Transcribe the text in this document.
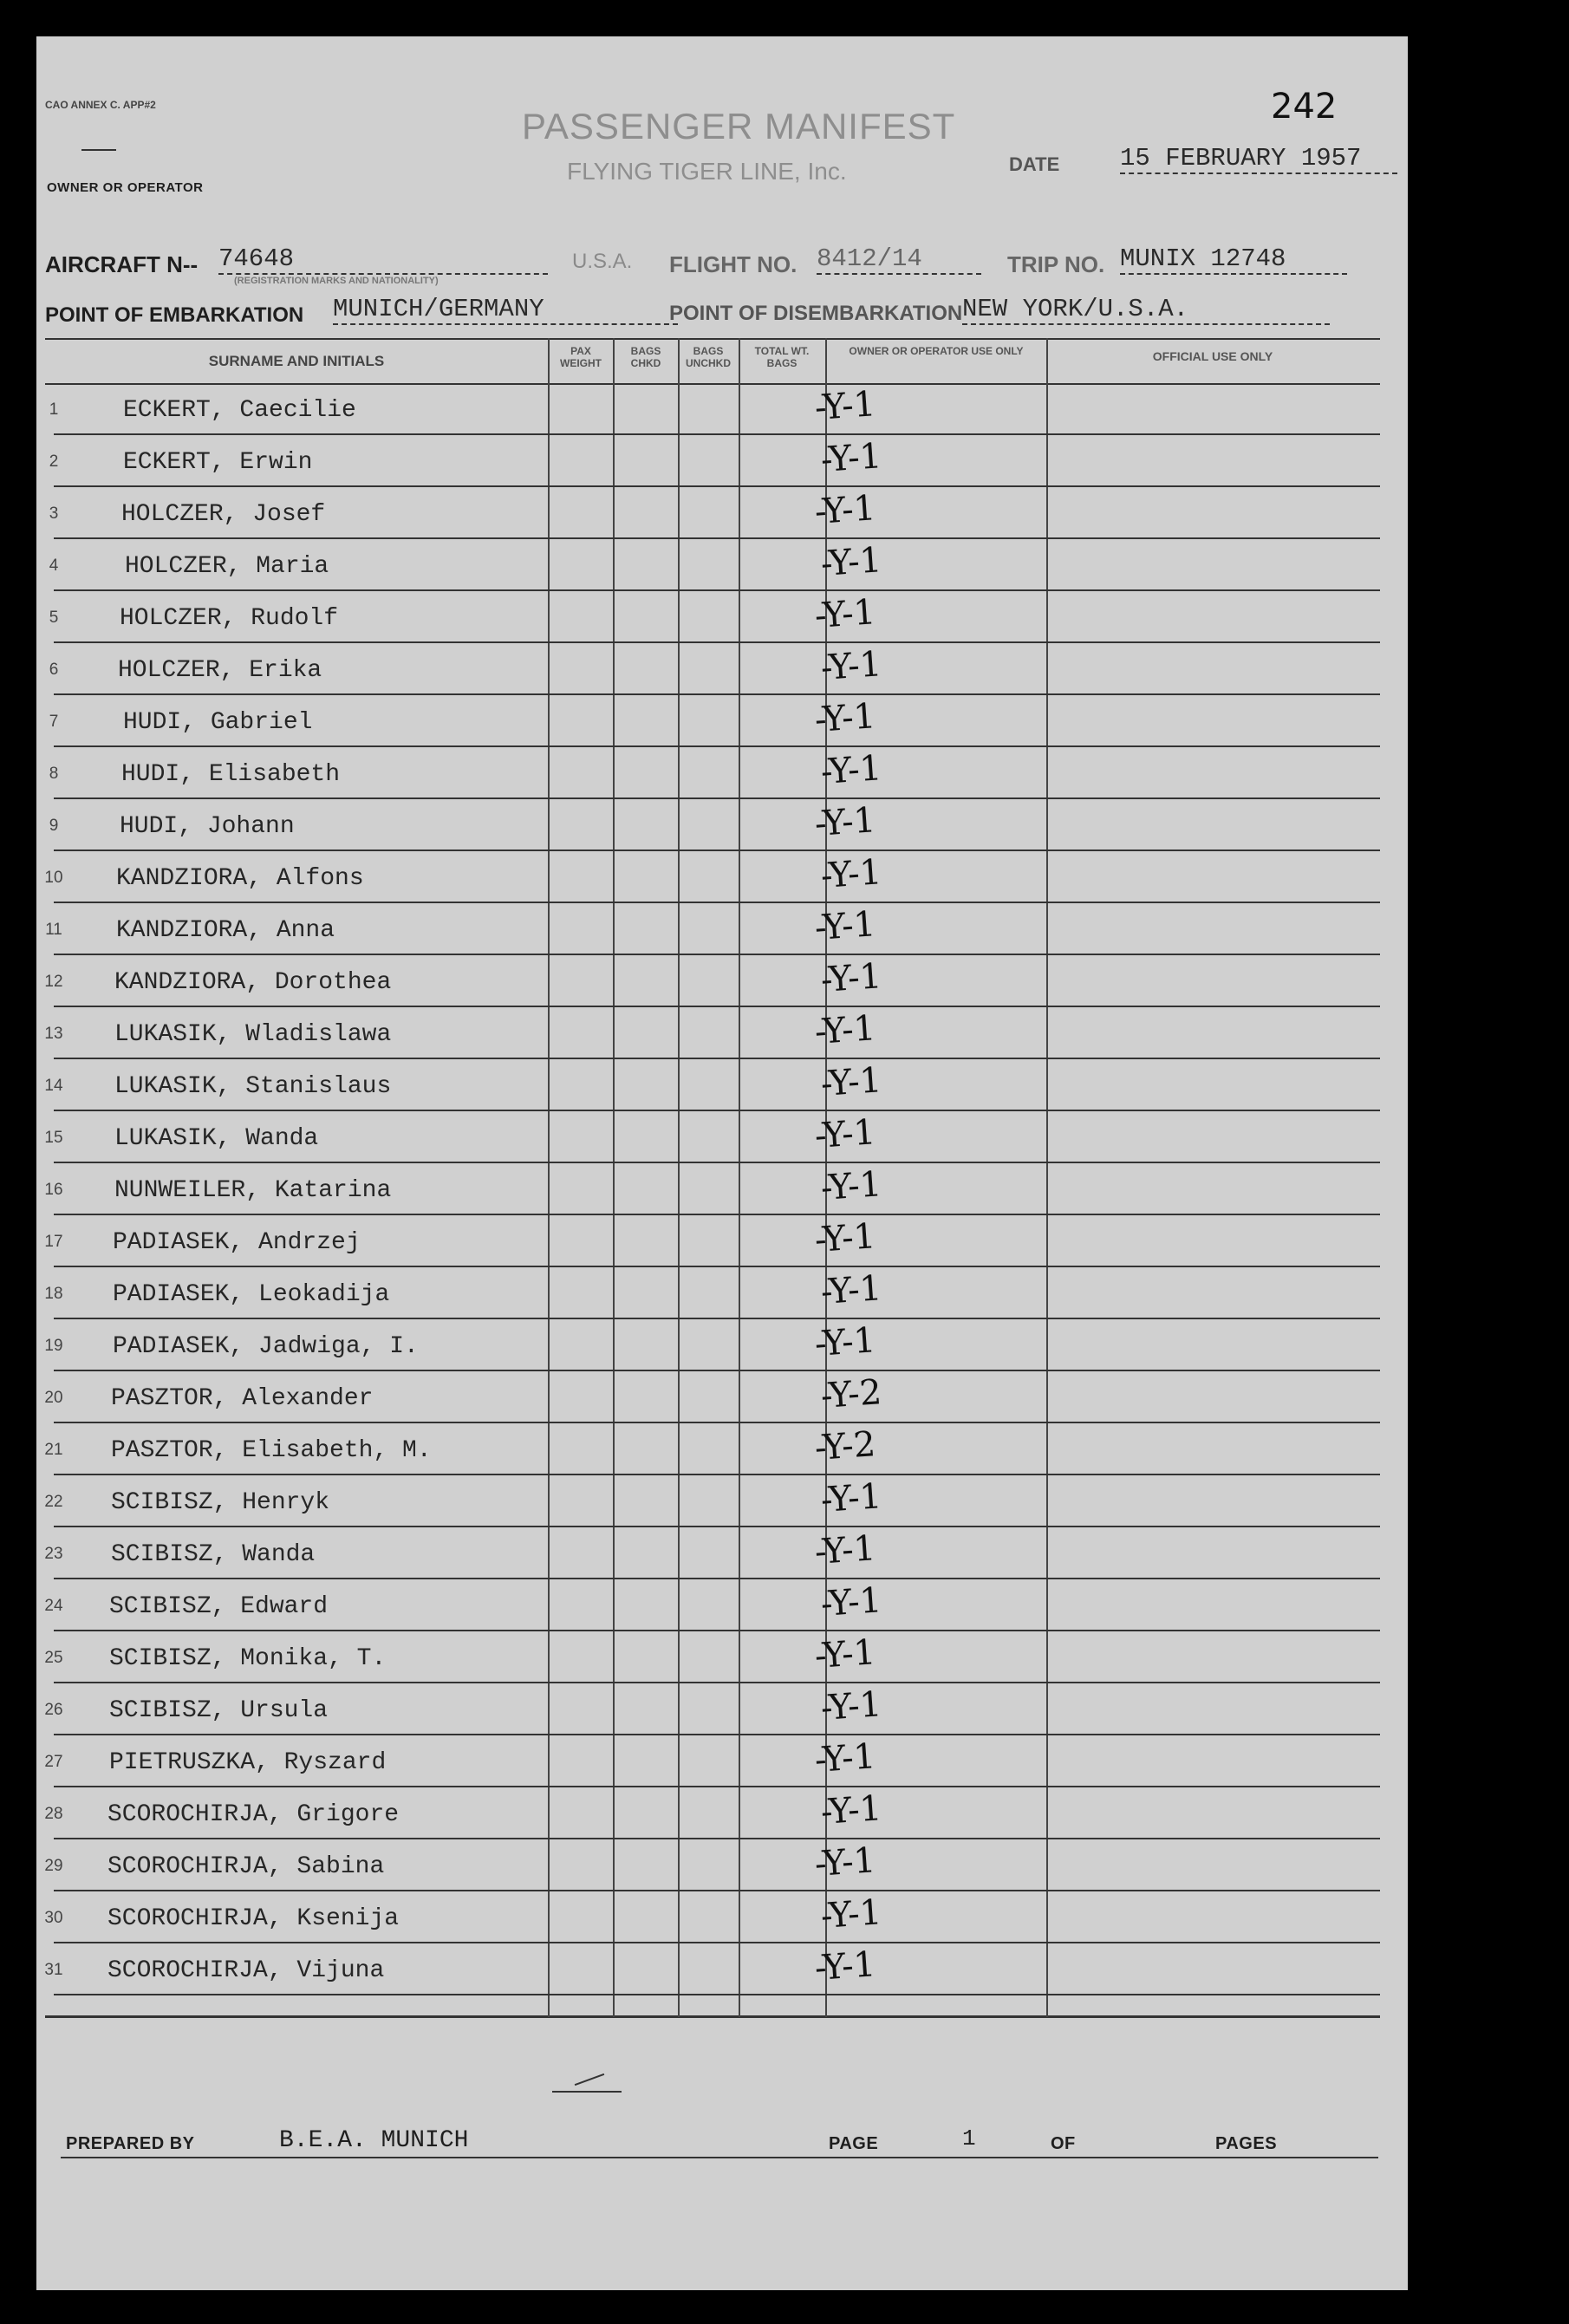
CAO ANNEX C. APP#2
OWNER OR OPERATOR
PASSENGER MANIFEST
FLYING TIGER LINE, Inc.
242
DATE 15 FEBRUARY 1957
AIRCRAFT N-- 74648
(REGISTRATION MARKS AND NATIONALITY)
U.S.A. FLIGHT NO. 8412/14	TRIP NO. MUNIX 12748
POINT OF EMBARKATION MUNICH/GERMANY	POINT OF DISEMBARKATION NEW YORK/U.S.A.
SURNAME AND INITIALS
PAX WEIGHT
BAGS CHKD
BAGS UNCHKD
TOTAL WT. BAGS
OWNER OR OPERATOR USE ONLY	OFFICIAL USE ONLY
1	ECKERT, Caecilie	-Y-1
2	ECKERT, Erwin	-Y-1
3	HOLCZER, Josef	-Y-1
4	HOLCZER, Maria	-Y-1
5	HOLCZER, Rudolf	-Y-1
6	HOLCZER, Erika	-Y-1
7	HUDI, Gabriel	-Y-1
8	HUDI, Elisabeth	-Y-1
9	HUDI, Johann	-Y-1
10	KANDZIORA, Alfons	-Y-1
11	KANDZIORA, Anna	-Y-1
12	KANDZIORA, Dorothea	-Y-1
13	LUKASIK, Wladislawa	-Y-1
14	LUKASIK, Stanislaus	-Y-1
15	LUKASIK, Wanda	-Y-1
16	NUNWEILER, Katarina	-Y-1
17	PADIASEK, Andrzej	-Y-1
18	PADIASEK, Leokadija	-Y-1
19	PADIASEK, Jadwiga, I.	-Y-1
20	PASZTOR, Alexander	-Y-2
21	PASZTOR, Elisabeth, M.	-Y-2
22	SCIBISZ, Henryk	-Y-1
23	SCIBISZ, Wanda	-Y-1
24	SCIBISZ, Edward	-Y-1
25	SCIBISZ, Monika, T.	-Y-1
26	SCIBISZ, Ursula	-Y-1
27	PIETRUSZKA, Ryszard	-Y-1
28	SCOROCHIRJA, Grigore	-Y-1
29	SCOROCHIRJA, Sabina	-Y-1
30	SCOROCHIRJA, Ksenija	-Y-1
31	SCOROCHIRJA, Vijuna	-Y-1
PREPARED BY	B.E.A. MUNICH	PAGE	1	OF	PAGES
